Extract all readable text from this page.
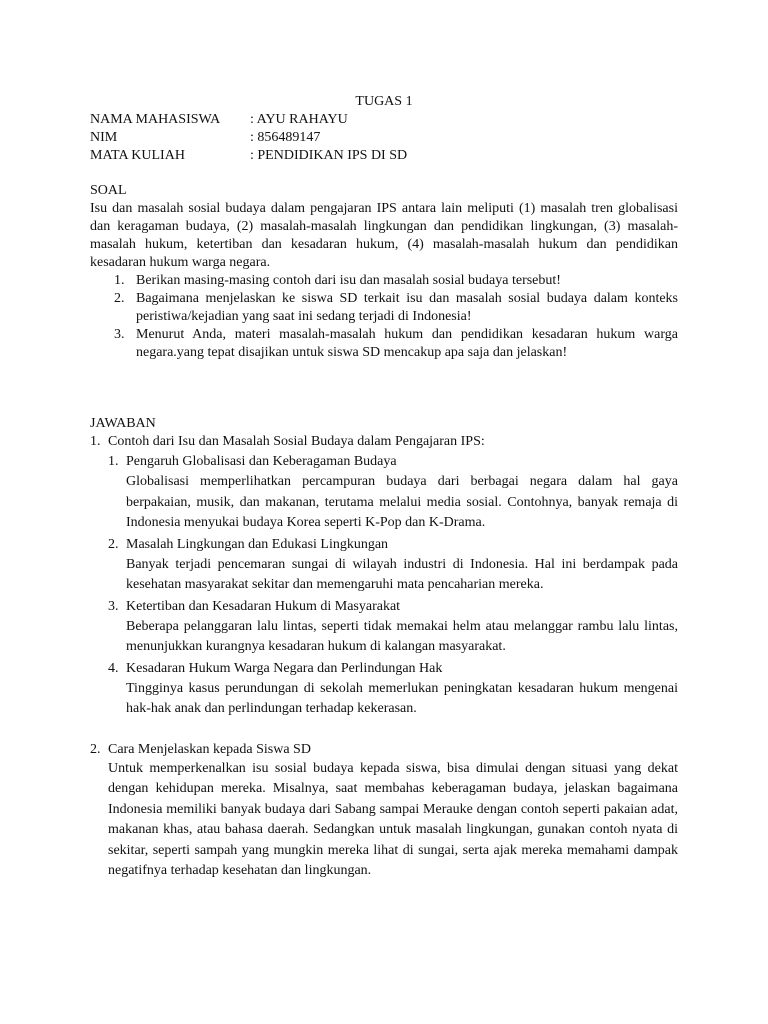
TUGAS 1
NAMA MAHASISWA : AYU RAHAYU
NIM	: 856489147
MATA KULIAH	: PENDIDIKAN IPS DI SD
SOAL
Isu dan masalah sosial budaya dalam pengajaran IPS antara lain meliputi (1) masalah tren globalisasi dan keragaman budaya, (2) masalah-masalah lingkungan dan pendidikan lingkungan, (3) masalah-masalah hukum, ketertiban dan kesadaran hukum, (4) masalah-masalah hukum dan pendidikan kesadaran hukum warga negara.
1. Berikan masing-masing contoh dari isu dan masalah sosial budaya tersebut!
2. Bagaimana menjelaskan ke siswa SD terkait isu dan masalah sosial budaya dalam konteks peristiwa/kejadian yang saat ini sedang terjadi di Indonesia!
3. Menurut Anda, materi masalah-masalah hukum dan pendidikan kesadaran hukum warga negara.yang tepat disajikan untuk siswa SD mencakup apa saja dan jelaskan!
JAWABAN
1. Contoh dari Isu dan Masalah Sosial Budaya dalam Pengajaran IPS:
1. Pengaruh Globalisasi dan Keberagaman Budaya
Globalisasi memperlihatkan percampuran budaya dari berbagai negara dalam hal gaya berpakaian, musik, dan makanan, terutama melalui media sosial. Contohnya, banyak remaja di Indonesia menyukai budaya Korea seperti K-Pop dan K-Drama.
2. Masalah Lingkungan dan Edukasi Lingkungan
Banyak terjadi pencemaran sungai di wilayah industri di Indonesia. Hal ini berdampak pada kesehatan masyarakat sekitar dan memengaruhi mata pencaharian mereka.
3. Ketertiban dan Kesadaran Hukum di Masyarakat
Beberapa pelanggaran lalu lintas, seperti tidak memakai helm atau melanggar rambu lalu lintas, menunjukkan kurangnya kesadaran hukum di kalangan masyarakat.
4. Kesadaran Hukum Warga Negara dan Perlindungan Hak
Tingginya kasus perundungan di sekolah memerlukan peningkatan kesadaran hukum mengenai hak-hak anak dan perlindungan terhadap kekerasan.
2. Cara Menjelaskan kepada Siswa SD
Untuk memperkenalkan isu sosial budaya kepada siswa, bisa dimulai dengan situasi yang dekat dengan kehidupan mereka. Misalnya, saat membahas keberagaman budaya, jelaskan bagaimana Indonesia memiliki banyak budaya dari Sabang sampai Merauke dengan contoh seperti pakaian adat, makanan khas, atau bahasa daerah. Sedangkan untuk masalah lingkungan, gunakan contoh nyata di sekitar, seperti sampah yang mungkin mereka lihat di sungai, serta ajak mereka memahami dampak negatifnya terhadap kesehatan dan lingkungan.
